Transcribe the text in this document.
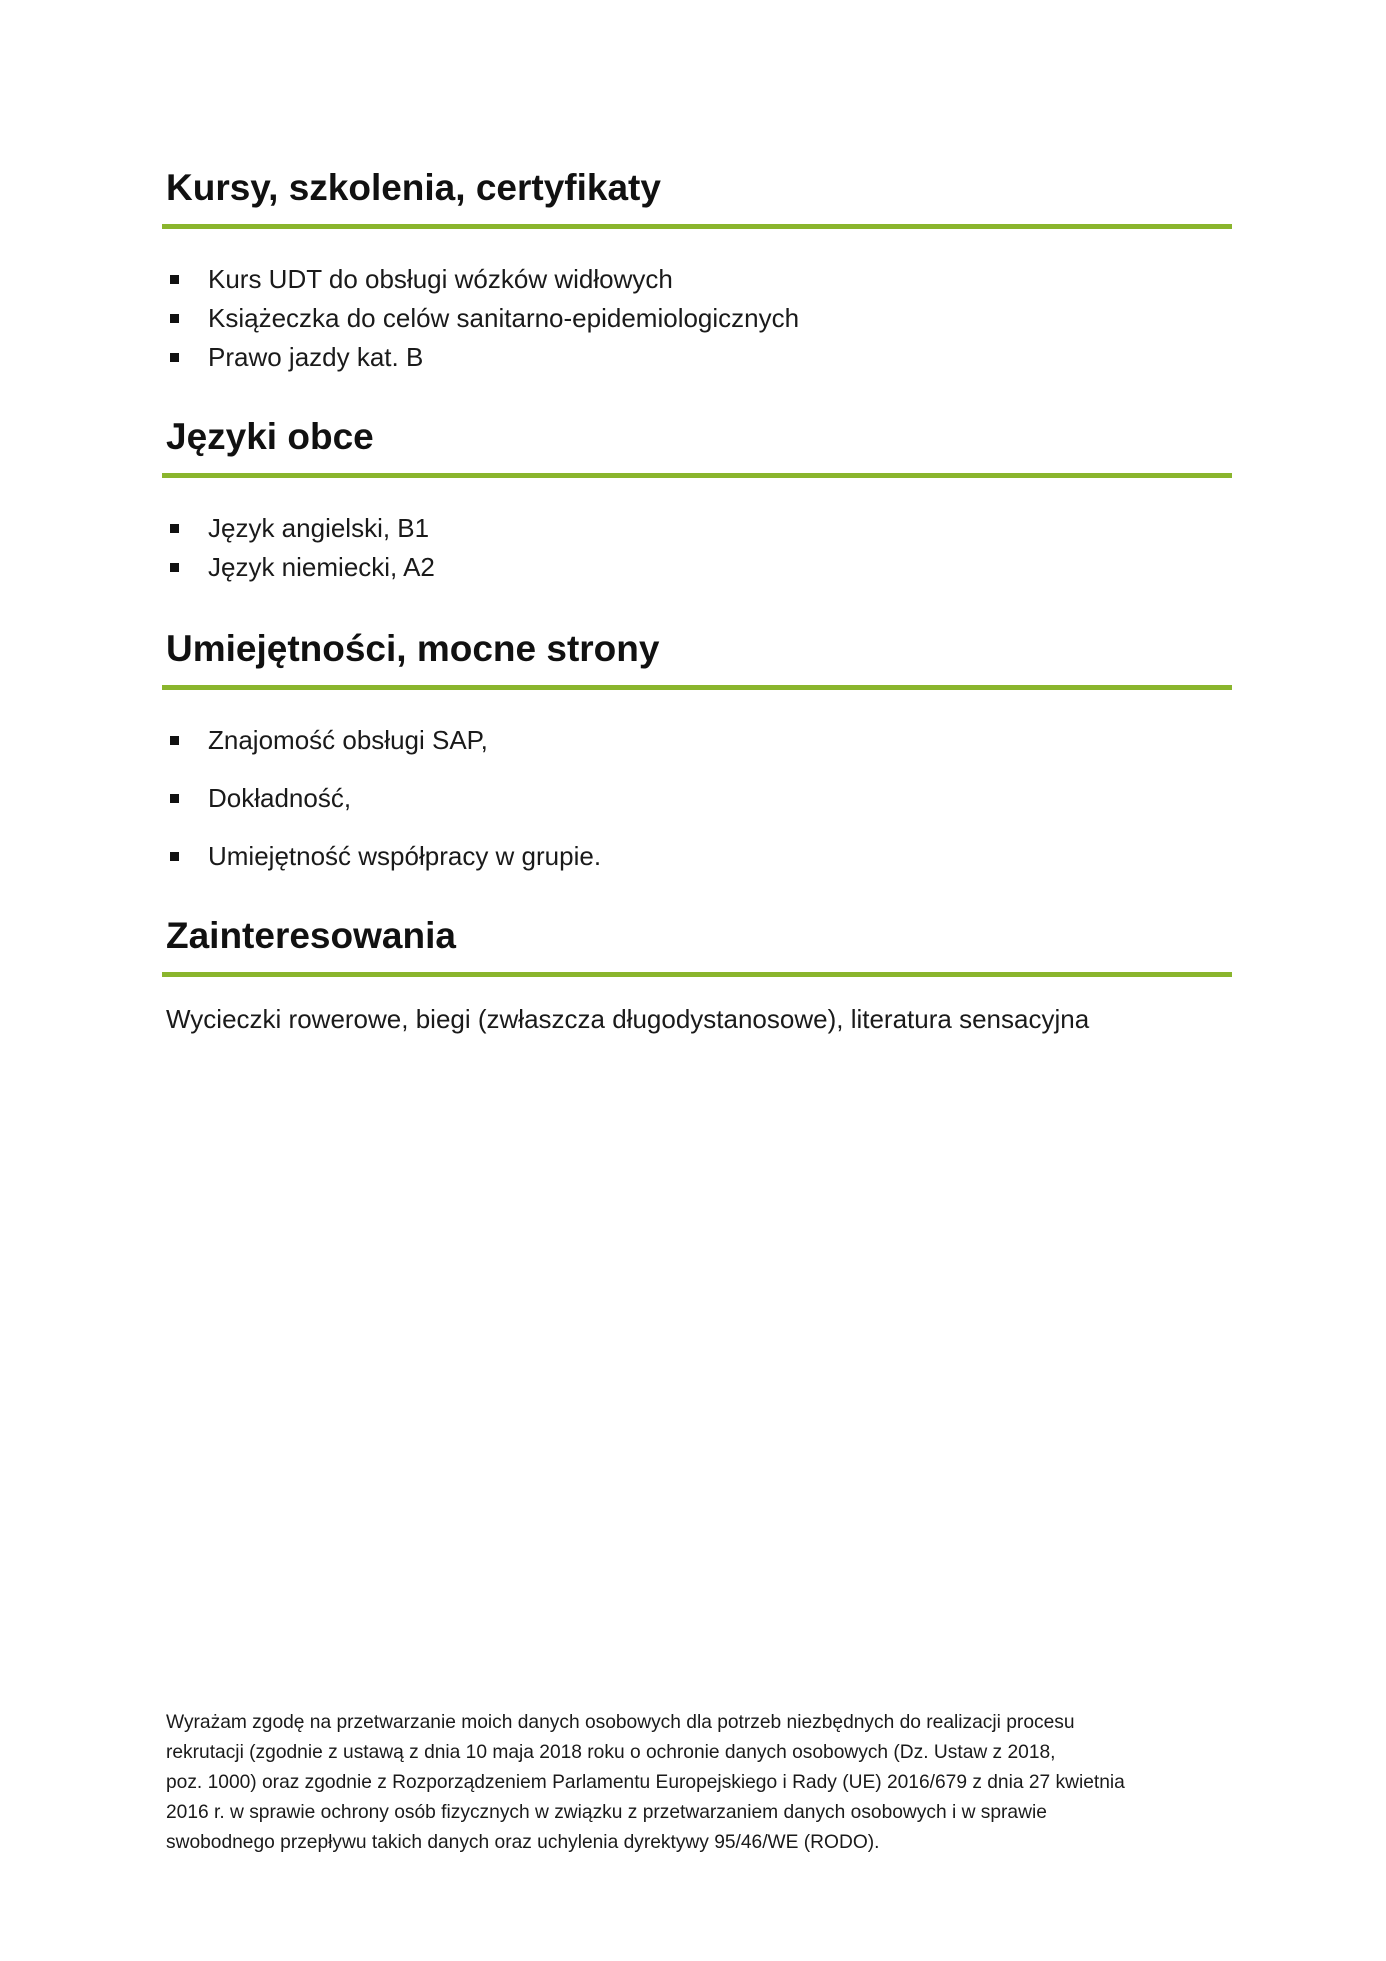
Kursy, szkolenia, certyfikaty
Kurs UDT do obsługi wózków widłowych
Książeczka do celów sanitarno-epidemiologicznych
Prawo jazdy kat. B
Języki obce
Język angielski, B1
Język niemiecki, A2
Umiejętności, mocne strony
Znajomość obsługi SAP,
Dokładność,
Umiejętność współpracy w grupie.
Zainteresowania

Wycieczki rowerowe, biegi (zwłaszcza długodystanosowe), literatura sensacyjna

Wyrażam zgodę na przetwarzanie moich danych osobowych dla potrzeb niezbędnych do realizacji procesu
rekrutacji (zgodnie z ustawą z dnia 10 maja 2018 roku o ochronie danych osobowych (Dz. Ustaw z 2018,
poz. 1000) oraz zgodnie z Rozporządzeniem Parlamentu Europejskiego i Rady (UE) 2016/679 z dnia 27 kwietnia
2016 r. w sprawie ochrony osób fizycznych w związku z przetwarzaniem danych osobowych i w sprawie
swobodnego przepływu takich danych oraz uchylenia dyrektywy 95/46/WE (RODO).
